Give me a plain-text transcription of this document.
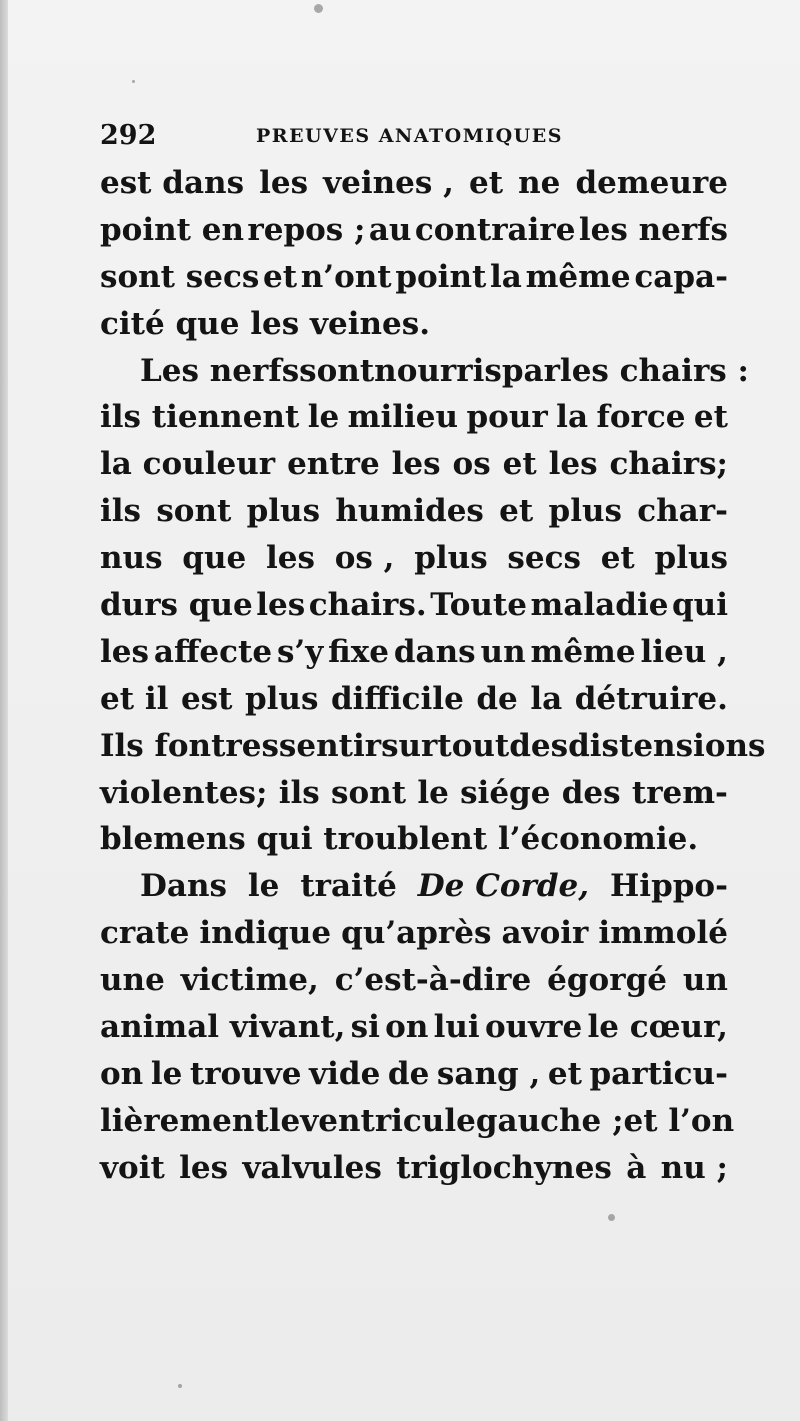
292	PREUVES ANATOMIQUES
est dans les veines , et ne demeure
point en repos ; au contraire les nerfs
sont secs et n’ont point la même capa-
cité que les veines.
Les nerfs sont nourris par les chairs :
ils tiennent le milieu pour la force et
la couleur entre les os et les chairs;
ils sont plus humides et plus char-
nus que les os , plus secs et plus
durs que les chairs. Toute maladie qui
les affecte s’y fixe dans un même lieu ,
et il est plus difficile de la détruire.
Ils font ressentir surtout des distensions
violentes; ils sont le siége des trem-
blemens qui troublent l’économie.
Dans le traité De Corde, Hippo-
crate indique qu’après avoir immolé
une victime, c’est-à-dire égorgé un
animal vivant, si on lui ouvre le cœur,
on le trouve vide de sang , et particu-
lièrement le ventricule gauche ; et l’on
voit les valvules triglochynes à nu ;
